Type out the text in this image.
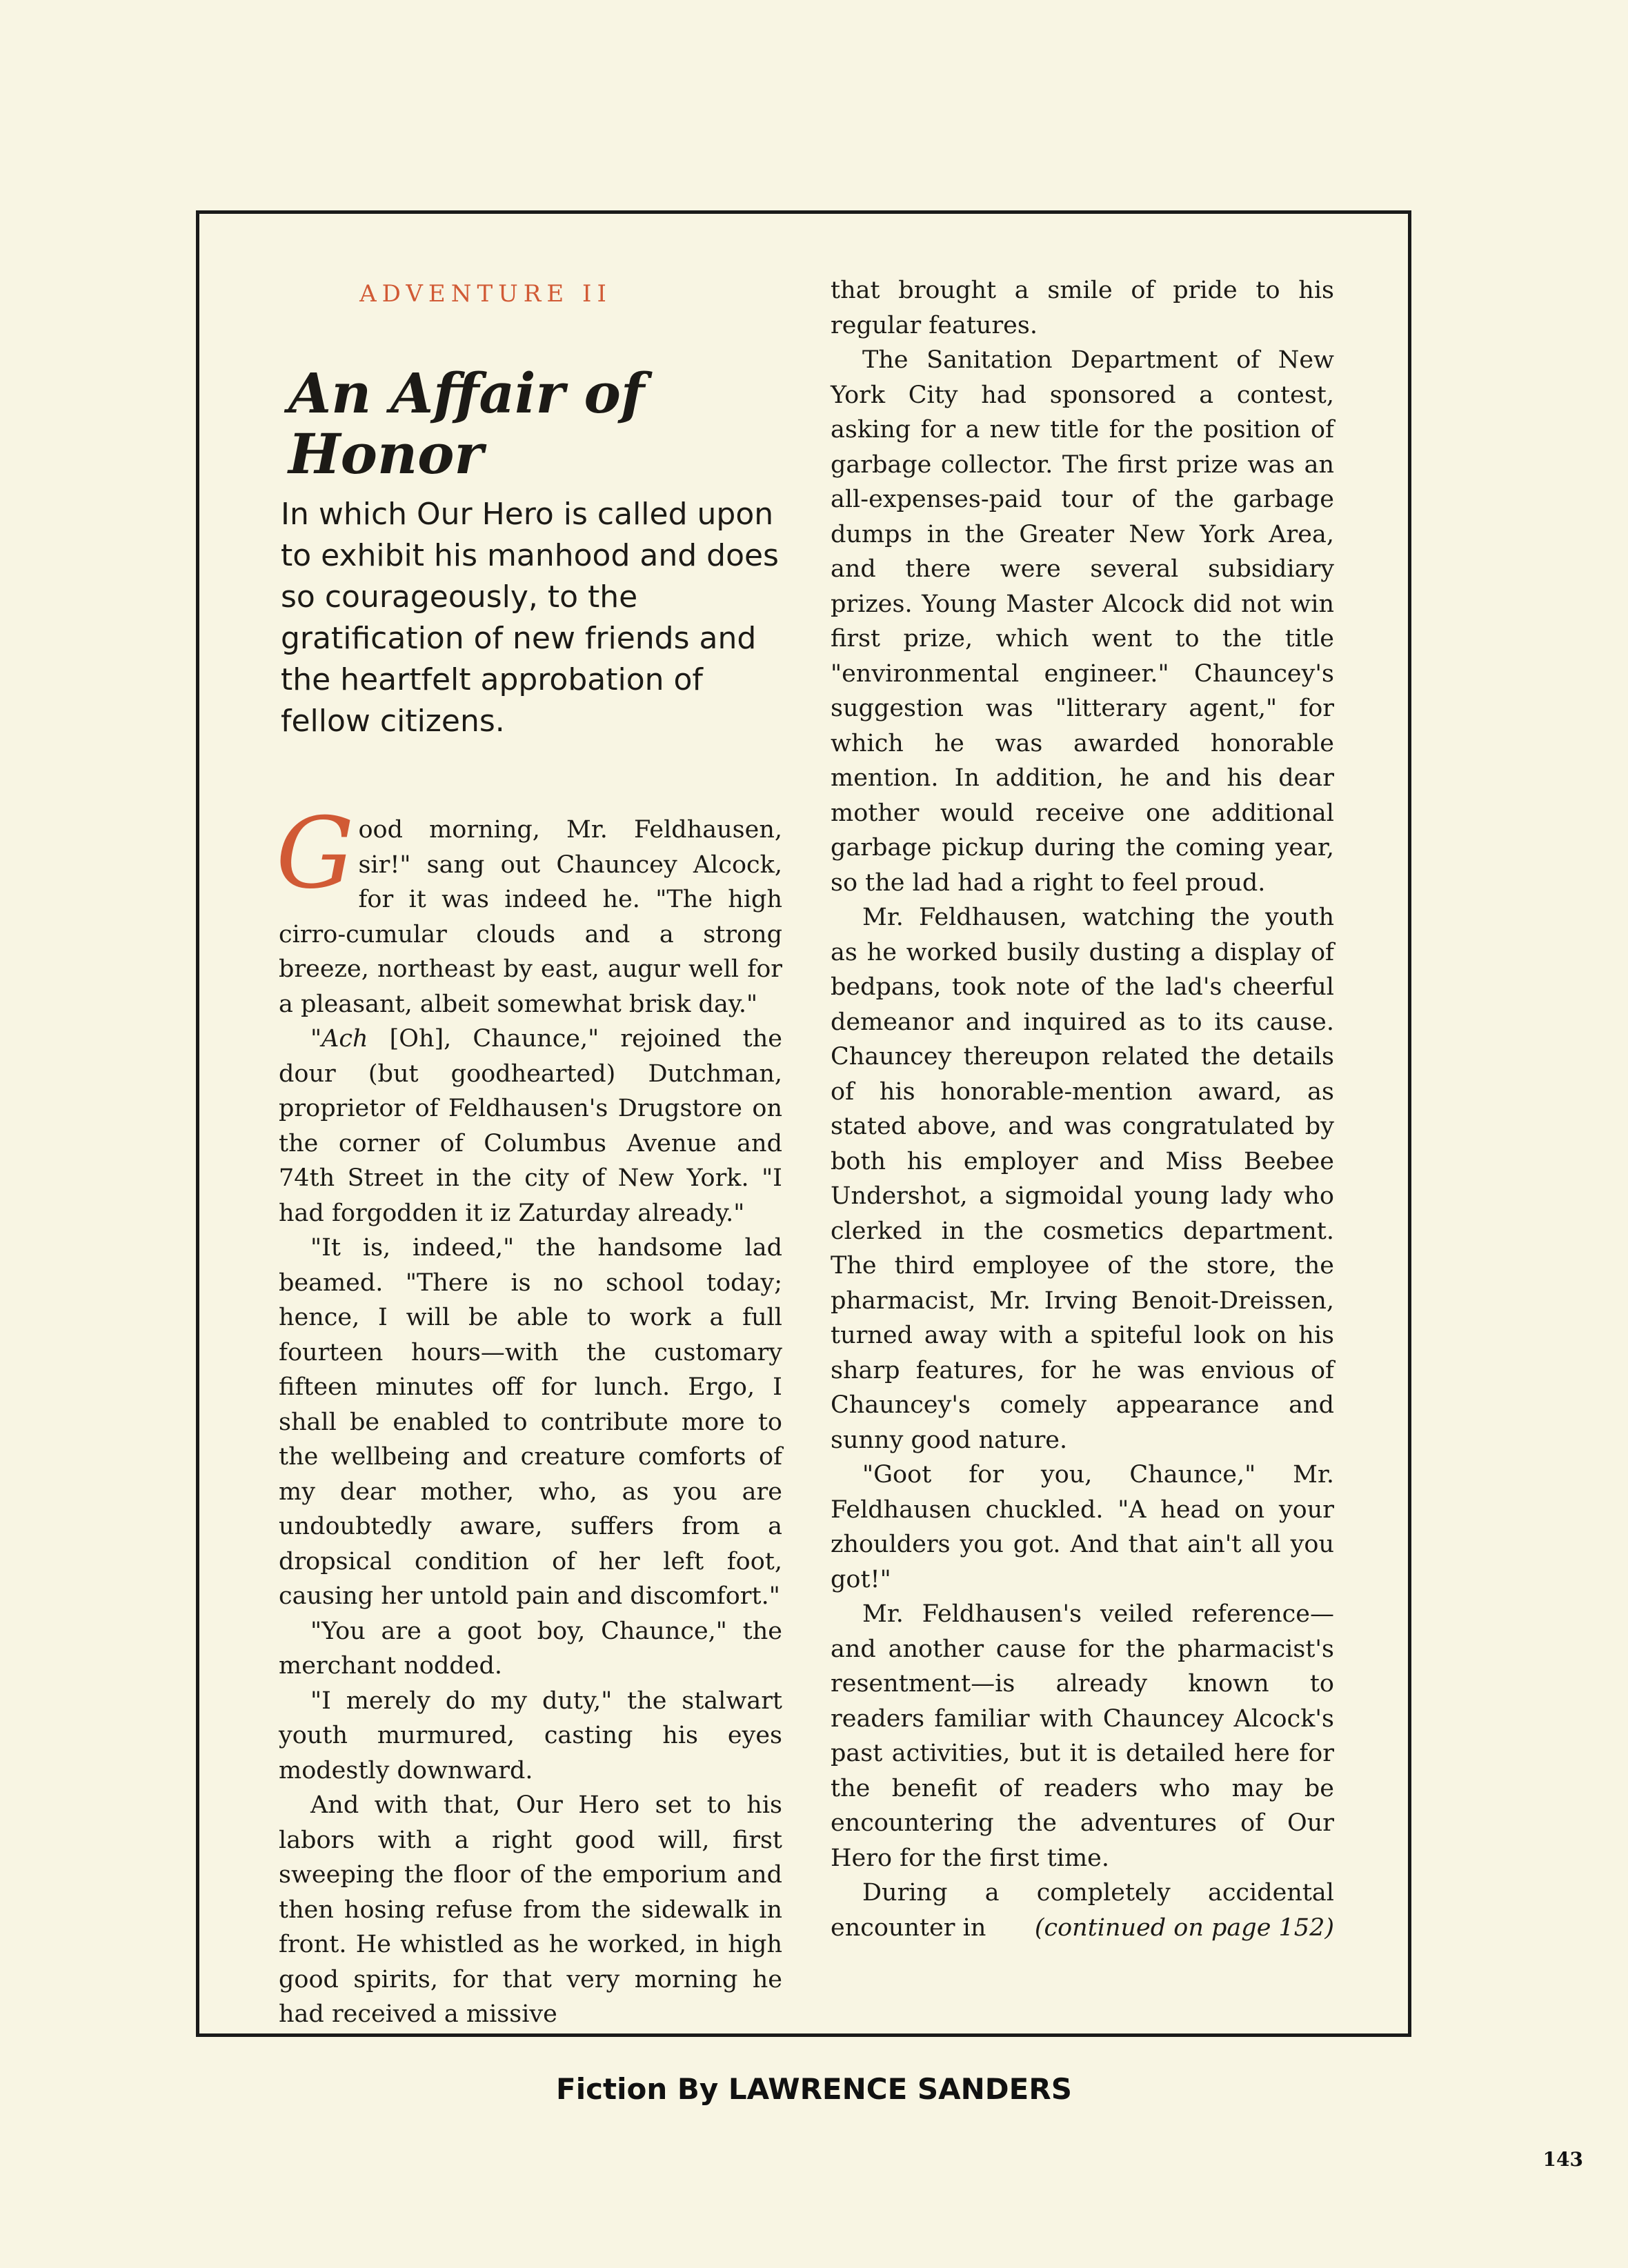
ADVENTURE II
An Affair of Honor
In which Our Hero is called upon to exhibit his manhood and does so courageously, to the gratification of new friends and the heartfelt approbation of fellow citizens.

Good morning, Mr. Feldhausen, sir!" sang out Chauncey Alcock, for it was indeed he. "The high cirro-cumular clouds and a strong breeze, northeast by east, augur well for a pleasant, albeit somewhat brisk day."

"Ach [Oh], Chaunce," rejoined the dour (but goodhearted) Dutchman, proprietor of Feldhausen's Drugstore on the corner of Columbus Avenue and 74th Street in the city of New York. "I had forgodden it iz Zaturday already."

"It is, indeed," the handsome lad beamed. "There is no school today; hence, I will be able to work a full fourteen hours—with the customary fifteen minutes off for lunch. Ergo, I shall be enabled to contribute more to the wellbeing and creature comforts of my dear mother, who, as you are undoubtedly aware, suffers from a dropsical condition of her left foot, causing her untold pain and discomfort."

"You are a goot boy, Chaunce," the merchant nodded.

"I merely do my duty," the stalwart youth murmured, casting his eyes modestly downward.

And with that, Our Hero set to his labors with a right good will, first sweeping the floor of the emporium and then hosing refuse from the sidewalk in front. He whistled as he worked, in high good spirits, for that very morning he had received a missive

that brought a smile of pride to his regular features.

The Sanitation Department of New York City had sponsored a contest, asking for a new title for the position of garbage collector. The first prize was an all-expenses-paid tour of the garbage dumps in the Greater New York Area, and there were several subsidiary prizes. Young Master Alcock did not win first prize, which went to the title "environmental engineer." Chauncey's suggestion was "litterary agent," for which he was awarded honorable mention. In addition, he and his dear mother would receive one additional garbage pickup during the coming year, so the lad had a right to feel proud.

Mr. Feldhausen, watching the youth as he worked busily dusting a display of bedpans, took note of the lad's cheerful demeanor and inquired as to its cause. Chauncey thereupon related the details of his honorable-mention award, as stated above, and was congratulated by both his employer and Miss Beebee Undershot, a sigmoidal young lady who clerked in the cosmetics department. The third employee of the store, the pharmacist, Mr. Irving Benoit-Dreissen, turned away with a spiteful look on his sharp features, for he was envious of Chauncey's comely appearance and sunny good nature.

"Goot for you, Chaunce," Mr. Feldhausen chuckled. "A head on your zhoulders you got. And that ain't all you got!"

Mr. Feldhausen's veiled reference—and another cause for the pharmacist's resentment—is already known to readers familiar with Chauncey Alcock's past activities, but it is detailed here for the benefit of readers who may be encountering the adventures of Our Hero for the first time.

During a completely accidental encounter in	(continued on page 152)

Fiction By LAWRENCE SANDERS
143
